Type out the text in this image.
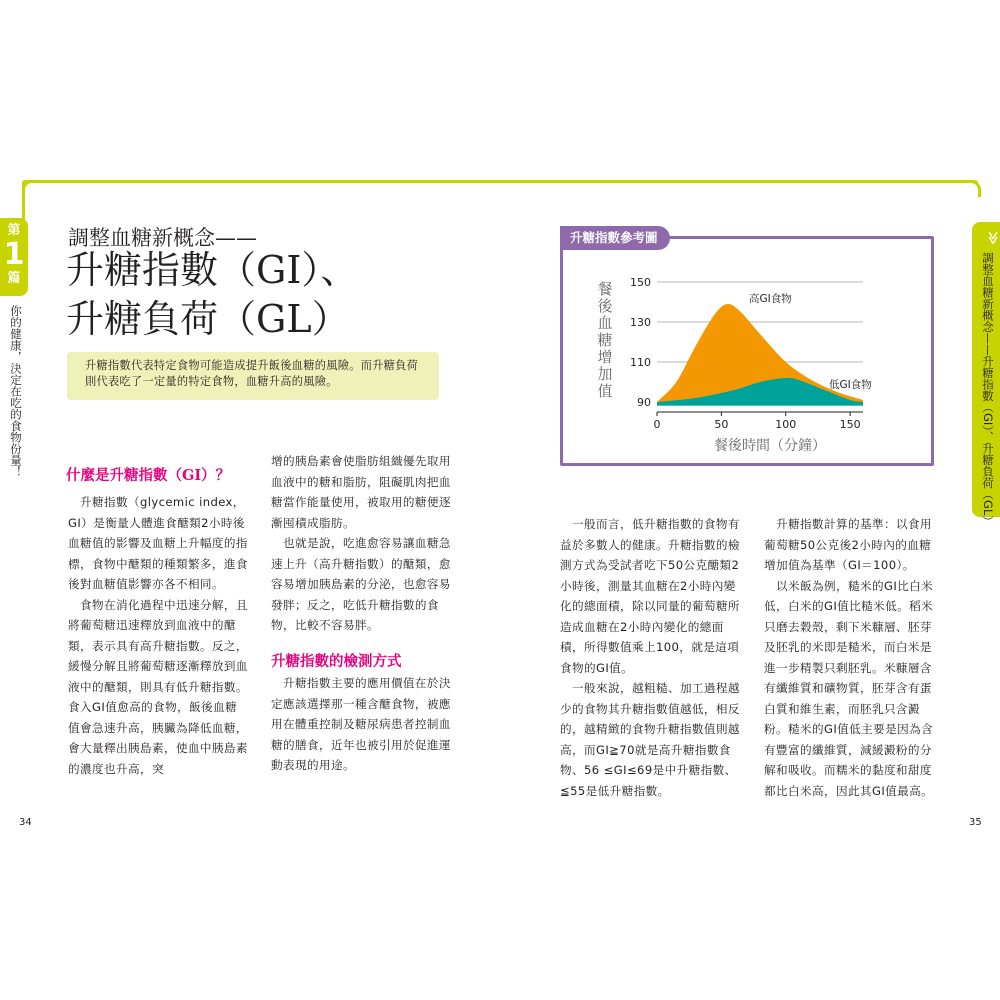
第
1
篇
你的健康，決定在吃的食物份量！
≫
調整血糖新概念——升糖指數（GI）、升糖負荷（GL）
調整血糖新概念——
升糖指數（GI）、
升糖負荷（GL）
升糖指數代表特定食物可能造成提升飯後血糖的風險。而升糖負荷
則代表吃了一定量的特定食物，血糖升高的風險。
什麼是升糖指數（GI）？

　升糖指數（glycemic index，GI）是衡量人體進食醣類2小時後血糖值的影響及血糖上升幅度的指標，食物中醣類的種類繁多，進食後對血糖值影響亦各不相同。

　食物在消化過程中迅速分解，且將葡萄糖迅速釋放到血液中的醣類，表示具有高升糖指數。反之，緩慢分解且將葡萄糖逐漸釋放到血液中的醣類，則具有低升糖指數。食入GI值愈高的食物，飯後血糖值會急速升高，胰臟為降低血糖，會大量釋出胰島素，使血中胰島素的濃度也升高，突

增的胰島素會使脂肪組織優先取用血液中的糖和脂肪，阻礙肌肉把血糖當作能量使用，被取用的糖便逐漸囤積成脂肪。

　也就是說，吃進愈容易讓血糖急速上升（高升糖指數）的醣類，愈容易增加胰島素的分泌，也愈容易發胖；反之，吃低升糖指數的食物，比較不容易胖。

升糖指數的檢測方式

　升糖指數主要的應用價值在於決定應該選擇那一種含醣食物，被應用在體重控制及糖尿病患者控制血糖的膳食，近年也被引用於促進運動表現的用途。

　一般而言，低升糖指數的食物有益於多數人的健康。升糖指數的檢測方式為受試者吃下50公克醣類2小時後，測量其血糖在2小時內變化的總面積，除以同量的葡萄糖所造成血糖在2小時內變化的總面積，所得數值乘上100，就是這項食物的GI值。

　一般來說，越粗糙、加工過程越少的食物其升糖指數值越低，相反的，越精緻的食物升糖指數值則越高，而GI≧70就是高升糖指數食物、56 ≤GI≤69是中升糖指數、≦55是低升糖指數。

　升糖指數計算的基準：以食用葡萄糖50公克後2小時內的血糖增加值為基準（GI＝100）。

　以米飯為例，糙米的GI比白米低，白米的GI值比糙米低。稻米只磨去穀殼，剩下米糠層、胚芽及胚乳的米即是糙米，而白米是進一步精製只剩胚乳。米糠層含有纖維質和礦物質，胚芽含有蛋白質和維生素，而胚乳只含澱粉。糙米的GI值低主要是因為含有豐富的纖維質，減緩澱粉的分解和吸收。而糯米的黏度和甜度都比白米高，因此其GI值最高。

34	35
升糖指數參考圖
90
110
130
150
高GI食物
低GI食物
0	50	100	150
餐後時間（分鐘）
餐
後
血
糖
增
加
值
